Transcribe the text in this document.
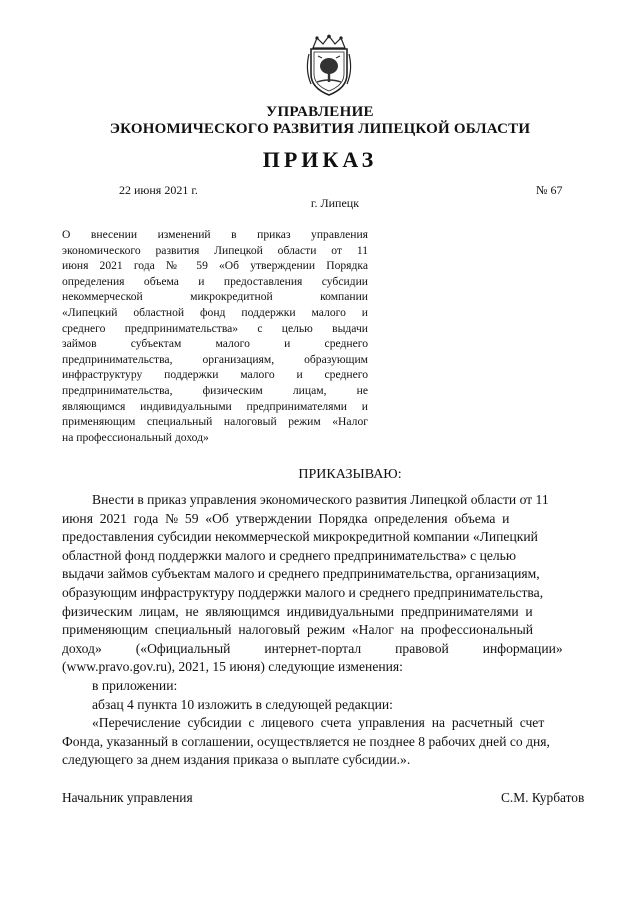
УПРАВЛЕНИЕ
ЭКОНОМИЧЕСКОГО РАЗВИТИЯ ЛИПЕЦКОЙ ОБЛАСТИ
ПРИКАЗ
22 июня 2021 г.	№ 67
г. Липецк
О внесении изменений в приказ управления
экономического развития Липецкой области от 11
июня 2021 года № 59 «Об утверждении Порядка
определения объема и предоставления субсидии
некоммерческой микрокредитной компании
«Липецкий областной фонд поддержки малого и
среднего предпринимательства» с целью выдачи
займов субъектам малого и среднего
предпринимательства, организациям, образующим
инфраструктуру поддержки малого и среднего
предпринимательства, физическим лицам, не
являющимся индивидуальными предпринимателями и
применяющим специальный налоговый режим «Налог
на профессиональный доход»
ПРИКАЗЫВАЮ:
Внести в приказ управления экономического развития Липецкой области от 11
июня  2021  года  №  59  «Об  утверждении  Порядка  определения  объема  и
предоставления субсидии некоммерческой микрокредитной компании «Липецкий
областной фонд поддержки малого и среднего предпринимательства» с целью
выдачи займов субъектам малого и среднего предпринимательства, организациям,
образующим инфраструктуру поддержки малого и среднего предпринимательства,
физическим  лицам,  не  являющимся  индивидуальными  предпринимателями  и
применяющим  специальный  налоговый  режим  «Налог  на  профессиональный
доход»          («Официальный          интернет-портал          правовой          информации»
(www.pravo.gov.ru), 2021, 15 июня) следующие изменения:
в приложении:
абзац 4 пункта 10 изложить в следующей редакции:
«Перечисление  субсидии  с  лицевого  счета  управления  на  расчетный  счет
Фонда, указанный в соглашении, осуществляется не позднее 8 рабочих дней со дня,
следующего за днем издания приказа о выплате субсидии.».
Начальник управления	С.М. Курбатов
